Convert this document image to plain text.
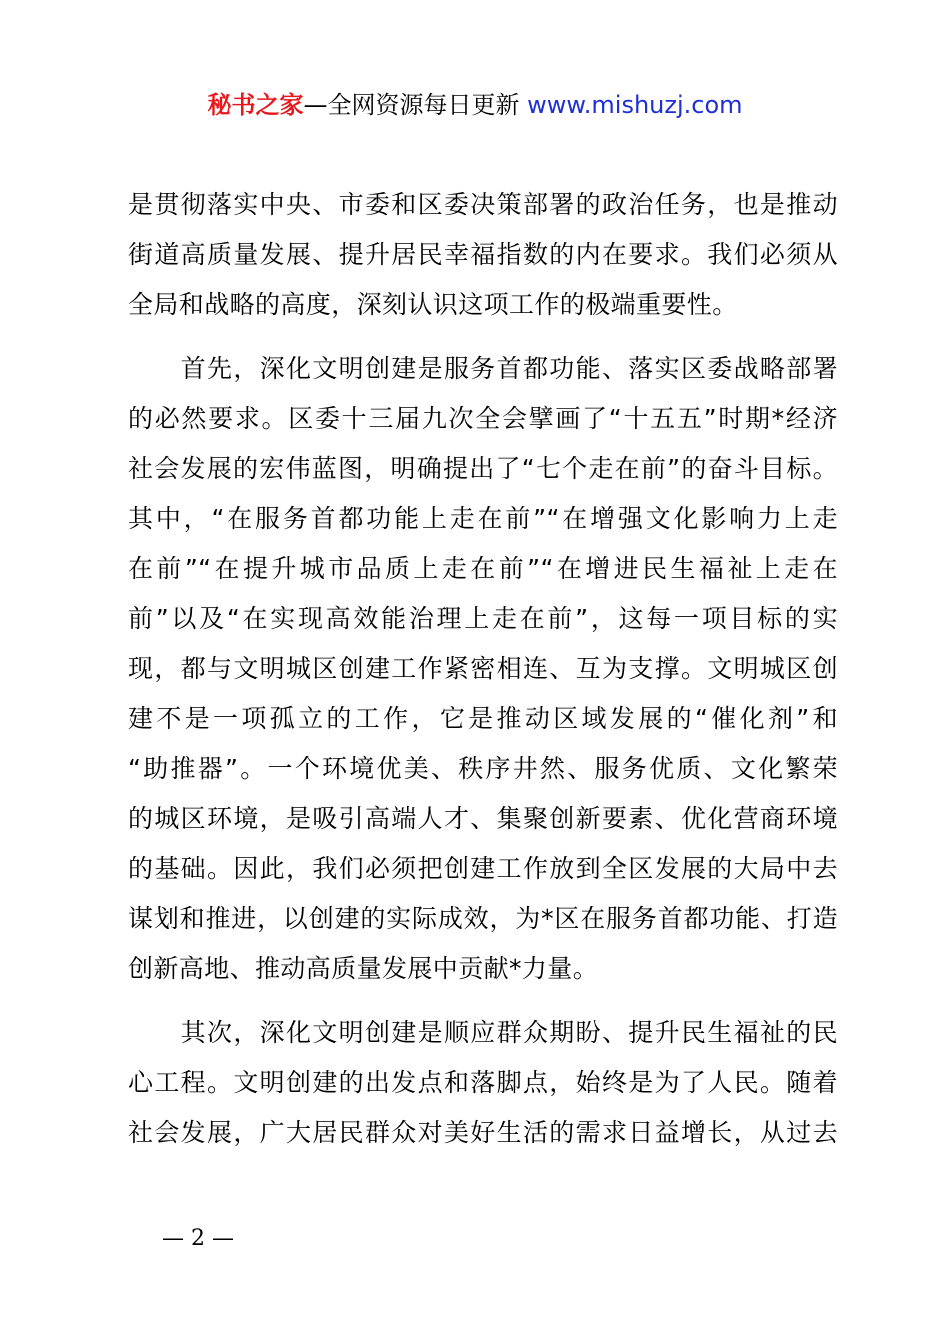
秘书之家—全网资源每日更新 www.mishuzj.com
是贯彻落实中央、市委和区委决策部署的政治任务，也是推动
街道高质量发展、提升居民幸福指数的内在要求。我们必须从
全局和战略的高度，深刻认识这项工作的极端重要性。
　　首先，深化文明创建是服务首都功能、落实区委战略部署
的必然要求。区委十三届九次全会擘画了“十五五”时期*经济
社会发展的宏伟蓝图，明确提出了“七个走在前”的奋斗目标。
其中，“在服务首都功能上走在前”“在增强文化影响力上走
在前”“在提升城市品质上走在前”“在增进民生福祉上走在
前”以及“在实现高效能治理上走在前”，这每一项目标的实
现，都与文明城区创建工作紧密相连、互为支撑。文明城区创
建不是一项孤立的工作，它是推动区域发展的“催化剂”和
“助推器”。一个环境优美、秩序井然、服务优质、文化繁荣
的城区环境，是吸引高端人才、集聚创新要素、优化营商环境
的基础。因此，我们必须把创建工作放到全区发展的大局中去
谋划和推进，以创建的实际成效，为*区在服务首都功能、打造
创新高地、推动高质量发展中贡献*力量。
　　其次，深化文明创建是顺应群众期盼、提升民生福祉的民
心工程。文明创建的出发点和落脚点，始终是为了人民。随着
社会发展，广大居民群众对美好生活的需求日益增长，从过去
— 2 —
